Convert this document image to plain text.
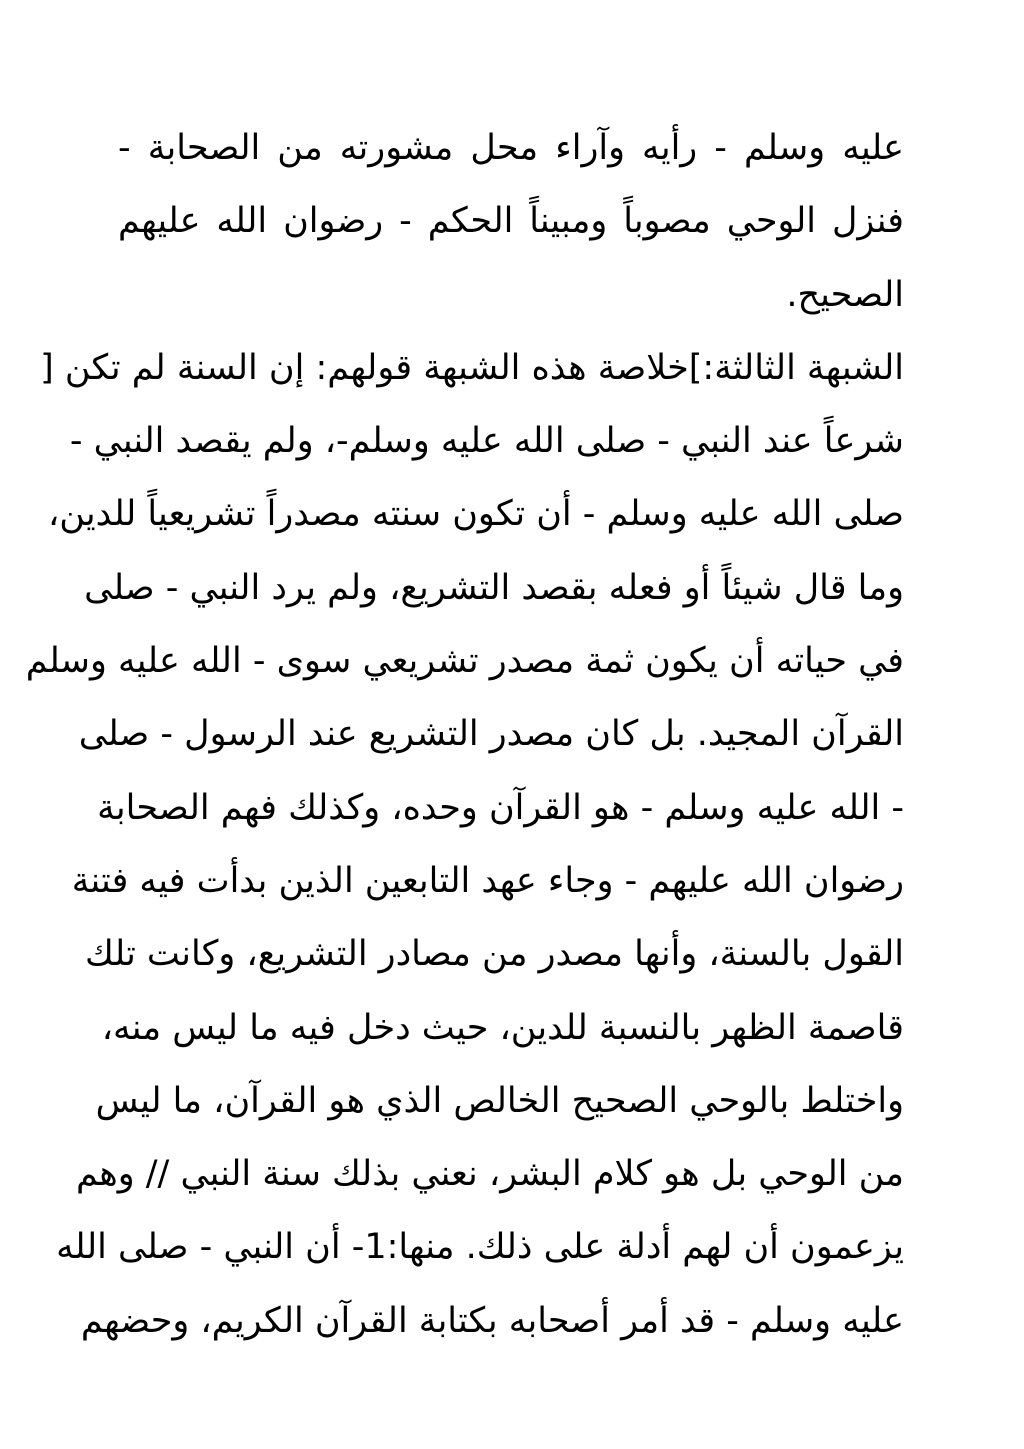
عليه وسلم - رأيه وآراء محل مشورته من الصحابة -
فنزل الوحي مصوباً ومبيناً الحكم - رضوان الله عليهم
الصحيح.
الشبهة الثالثة:]خلاصة هذه الشبهة قولهم: إن السنة لم تكن [
شرعاً عند النبي - صلى الله عليه وسلم-، ولم يقصد النبي -
صلى الله عليه وسلم - أن تكون سنته مصدراً تشريعياً للدين،
وما قال شيئاً أو فعله بقصد التشريع، ولم يرد النبي - صلى
في حياته أن يكون ثمة مصدر تشريعي سوى - الله عليه وسلم
القرآن المجيد. بل كان مصدر التشريع عند الرسول - صلى
- الله عليه وسلم - هو القرآن وحده، وكذلك فهم الصحابة
رضوان الله عليهم - وجاء عهد التابعين الذين بدأت فيه فتنة
القول بالسنة، وأنها مصدر من مصادر التشريع، وكانت تلك
قاصمة الظهر بالنسبة للدين، حيث دخل فيه ما ليس منه،
واختلط بالوحي الصحيح الخالص الذي هو القرآن، ما ليس
من الوحي بل هو كلام البشر، نعني بذلك سنة النبي // وهم
يزعمون أن لهم أدلة على ذلك. منها:1- أن النبي - صلى الله
عليه وسلم - قد أمر أصحابه بكتابة القرآن الكريم، وحضهم
